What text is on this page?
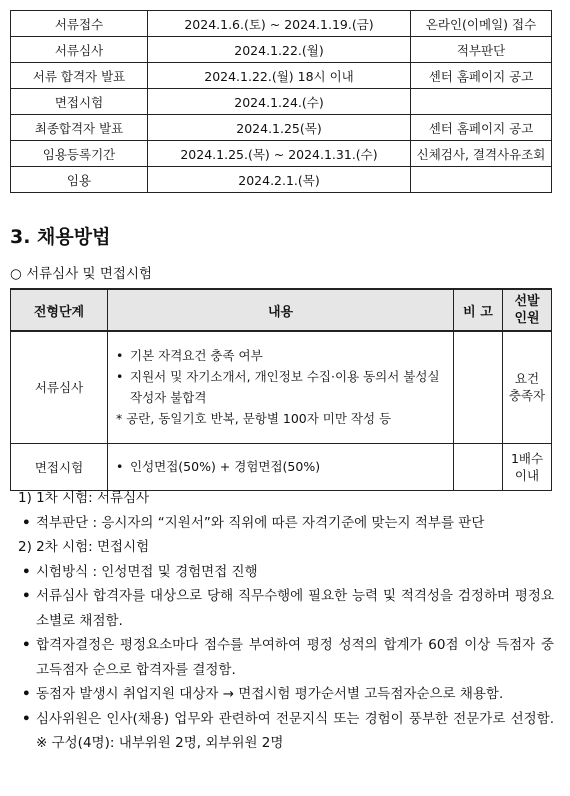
서류접수	2024.1.6.(토) ~ 2024.1.19.(금)	온라인(이메일) 접수
서류심사	2024.1.22.(월)	적부판단
서류 합격자 발표	2024.1.22.(월) 18시 이내	센터 홈페이지 공고
면접시험	2024.1.24.(수)	
최종합격자 발표	2024.1.25(목)	센터 홈페이지 공고
임용등록기간	2024.1.25.(목) ~ 2024.1.31.(수)	신체검사, 결격사유조회
임용	2024.2.1.(목)	
3. 채용방법
○ 서류심사 및 면접시험
전형단계	내용	비 고	선발
인원
서류심사	• 기본 자격요건 충족 여부
• 지원서 및 자기소개서, 개인정보 수집·이용 동의서 불성실 작성자 불합격
* 공란, 동일기호 반복, 문항별 100자 미만 작성 등		요건
충족자
면접시험	• 인성면접(50%) + 경험면접(50%)		1배수
이내
1) 1차 시험: 서류심사
• 적부판단 : 응시자의 “지원서”와 직위에 따른 자격기준에 맞는지 적부를 판단
2) 2차 시험: 면접시험
• 시험방식 : 인성면접 및 경험면접 진행
• 서류심사 합격자를 대상으로 당해 직무수행에 필요한 능력 및 적격성을 검정하며 평정요소별로 채점함.
• 합격자결정은 평정요소마다 점수를 부여하여 평정 성적의 합계가 60점 이상 득점자 중 고득점자 순으로 합격자를 결정함.
• 동점자 발생시 취업지원 대상자 → 면접시험 평가순서별 고득점자순으로 채용함.
• 심사위원은 인사(채용) 업무와 관련하여 전문지식 또는 경험이 풍부한 전문가로 선정함. ※ 구성(4명): 내부위원 2명, 외부위원 2명
